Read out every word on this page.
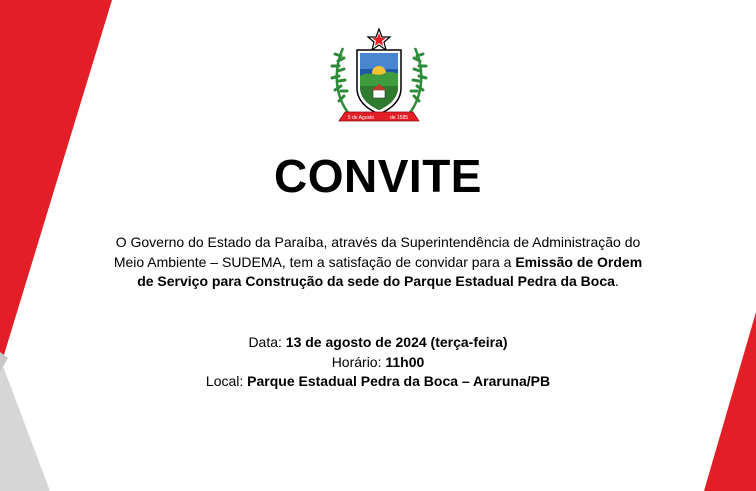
5 de Agosto	de 1585
CONVITE
O Governo do Estado da Paraíba, através da Superintendência de Administração do Meio Ambiente – SUDEMA, tem a satisfação de convidar para a Emissão de Ordem de Serviço para Construção da sede do Parque Estadual Pedra da Boca.
Data: 13 de agosto de 2024 (terça-feira)
Horário: 11h00
Local: Parque Estadual Pedra da Boca – Araruna/PB
